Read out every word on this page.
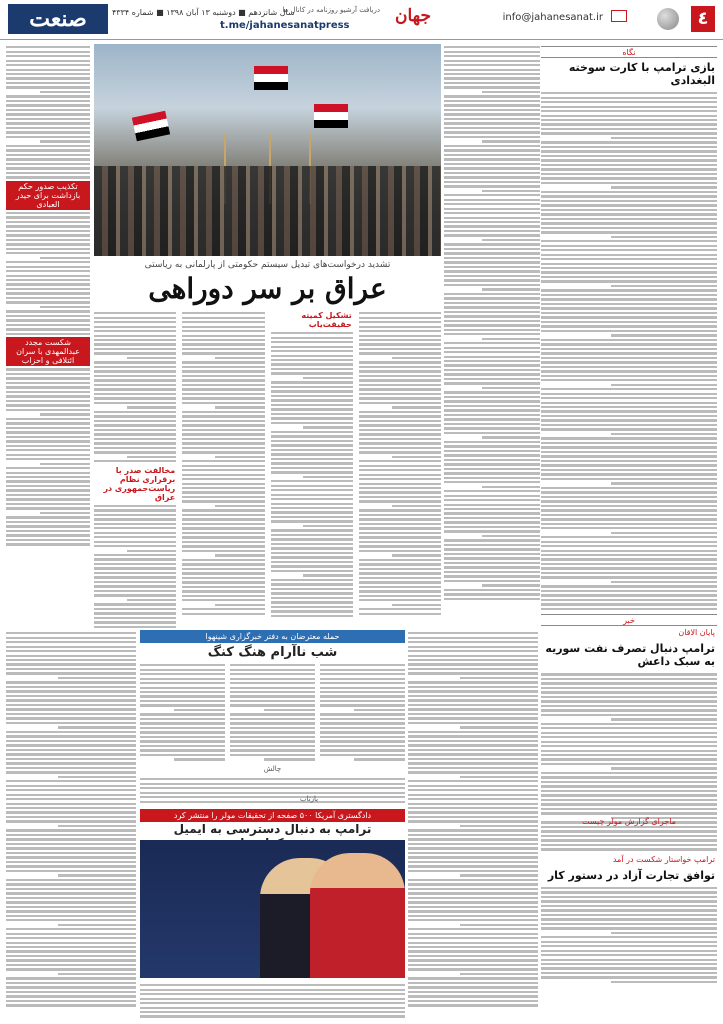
٤
info@jahanesanat.ir
جهان
دریافت آرشیو روزنامه در کانال ما
t.me/jahanesanatpress
سال شانزدهم ■ دوشنبه ۱۳ آبان ۱۳۹۸ ■ شماره ۴۳۳۴
صنعت
نگاه
بازی ترامپ با کارت سوخته البغدادی
خبر
پایان الاقان
ترامپ دنبال تصرف نفت سوریه به سبک داعش
ترامپ خواستار شکست در آمد
توافق تجارت آزاد در دستور کار
تکذیب صدور حکم بازداشت برای حیدر العبادی
شکست مجدد عبدالمهدی با سران ائتلافی و احزاب
تشدید درخواست‌های تبدیل سیستم حکومتی از پارلمانی به ریاستی
عراق بر سر دوراهی
تشکیل کمیته حقیقت‌یاب
مخالفت صدر با برقراری نظام ریاست‌جمهوری در عراق
حمله معترضان به دفتر خبرگزاری شینهوا
شب ناآرام هنگ کنگ
چالش
بازتاب
دادگستری آمریکا ۵۰۰ صفحه از تحقیقات مولر را منتشر کرد
ترامپ به دنبال دسترسی به ایمیل
ماجرای گزارش مولر چیست
